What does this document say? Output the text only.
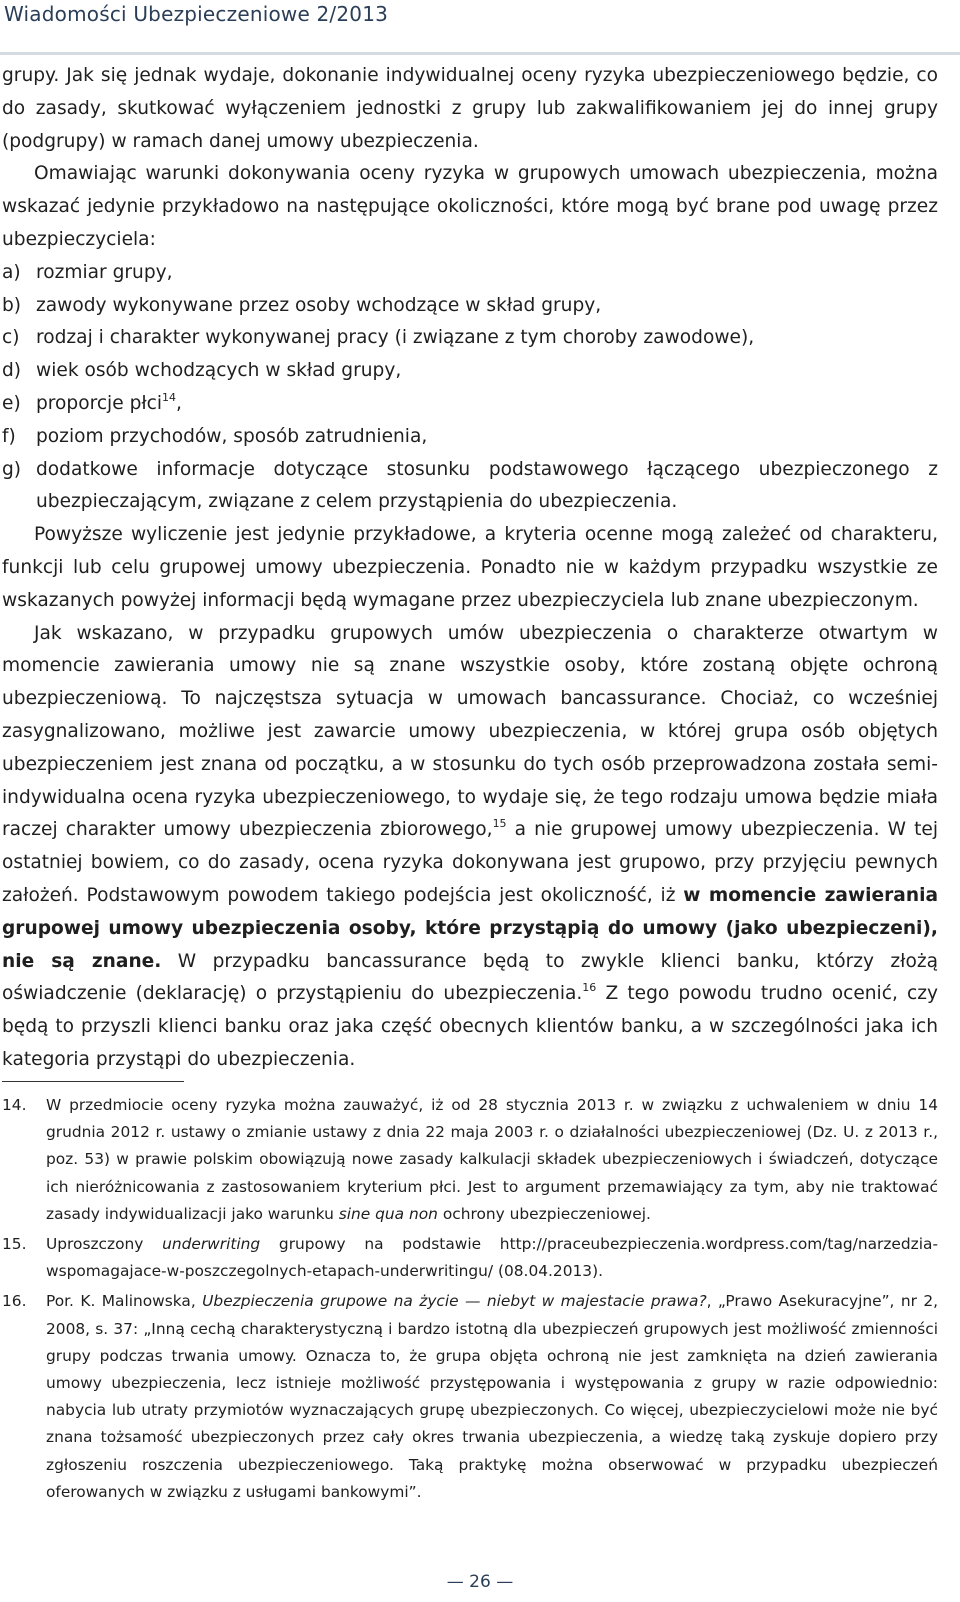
Wiadomości Ubezpieczeniowe 2/2013

grupy. Jak się jednak wydaje, dokonanie indywidualnej oceny ryzyka ubezpieczeniowego będzie, co do zasady, skutkować wyłączeniem jednostki z grupy lub zakwalifikowaniem jej do innej grupy (podgrupy) w ramach danej umowy ubezpieczenia.

Omawiając warunki dokonywania oceny ryzyka w grupowych umowach ubezpieczenia, można wskazać jedynie przykładowo na następujące okoliczności, które mogą być brane pod uwagę przez ubezpieczyciela:

a) rozmiar grupy,
b) zawody wykonywane przez osoby wchodzące w skład grupy,
c) rodzaj i charakter wykonywanej pracy (i związane z tym choroby zawodowe),
d) wiek osób wchodzących w skład grupy,
e) proporcje płci$^{14}$,
f)	poziom przychodów, sposób zatrudnienia,
g) dodatkowe informacje dotyczące stosunku podstawowego łączącego ubezpieczonego z ubezpieczającym, związane z celem przystąpienia do ubezpieczenia.

Powyższe wyliczenie jest jedynie przykładowe, a kryteria ocenne mogą zależeć od charakteru, funkcji lub celu grupowej umowy ubezpieczenia. Ponadto nie w każdym przypadku wszystkie ze wskazanych powyżej informacji będą wymagane przez ubezpieczyciela lub znane ubezpieczonym.

Jak wskazano, w przypadku grupowych umów ubezpieczenia o charakterze otwartym w momencie zawierania umowy nie są znane wszystkie osoby, które zostaną objęte ochroną ubezpieczeniową. To najczęstsza sytuacja w umowach bancassurance. Chociaż, co wcześniej zasygnalizowano, możliwe jest zawarcie umowy ubezpieczenia, w której grupa osób objętych ubezpieczeniem jest znana od początku, a w stosunku do tych osób przeprowadzona została semi-indywidualna ocena ryzyka ubezpieczeniowego, to wydaje się, że tego rodzaju umowa będzie miała raczej charakter umowy ubezpieczenia zbiorowego,$^{15}$ a nie grupowej umowy ubezpieczenia. W tej ostatniej bowiem, co do zasady, ocena ryzyka dokonywana jest grupowo, przy przyjęciu pewnych założeń. Podstawowym powodem takiego podejścia jest okoliczność, iż w momencie zawierania grupowej umowy ubezpieczenia osoby, które przystąpią do umowy (jako ubezpieczeni), nie są znane. W przypadku bancassurance będą to zwykle klienci banku, którzy złożą oświadczenie (deklarację) o przystąpieniu do ubezpieczenia.$^{16}$ Z tego powodu trudno ocenić, czy będą to przyszli klienci banku oraz jaka część obecnych klientów banku, a w szczególności jaka ich kategoria przystąpi do ubezpieczenia.

14.	W przedmiocie oceny ryzyka można zauważyć, iż od 28 stycznia 2013 r. w związku z uchwaleniem w dniu 14 grudnia 2012 r. ustawy o zmianie ustawy z dnia 22 maja 2003 r. o działalności ubezpieczeniowej (Dz. U. z 2013 r., poz. 53) w prawie polskim obowiązują nowe zasady kalkulacji składek ubezpieczeniowych i świadczeń, dotyczące ich nieróżnicowania z zastosowaniem kryterium płci. Jest to argument przemawiający za tym, aby nie traktować zasady indywidualizacji jako warunku sine qua non ochrony ubezpieczeniowej.
15.	Uproszczony underwriting grupowy na podstawie http://praceubezpieczenia.wordpress.com/tag/narzedzia-wspomagajace-w-poszczegolnych-etapach-underwritingu/ (08.04.2013).
16.	Por. K. Malinowska, Ubezpieczenia grupowe na życie — niebyt w majestacie prawa?, „Prawo Asekuracyjne”, nr 2, 2008, s. 37: „Inną cechą charakterystyczną i bardzo istotną dla ubezpieczeń grupowych jest możliwość zmienności grupy podczas trwania umowy. Oznacza to, że grupa objęta ochroną nie jest zamknięta na dzień zawierania umowy ubezpieczenia, lecz istnieje możliwość przystępowania i występowania z grupy w razie odpowiednio: nabycia lub utraty przymiotów wyznaczających grupę ubezpieczonych. Co więcej, ubezpieczycielowi może nie być znana tożsamość ubezpieczonych przez cały okres trwania ubezpieczenia, a wiedzę taką zyskuje dopiero przy zgłoszeniu roszczenia ubezpieczeniowego. Taką praktykę można obserwować w przypadku ubezpieczeń oferowanych w związku z usługami bankowymi”.
— 26 —
